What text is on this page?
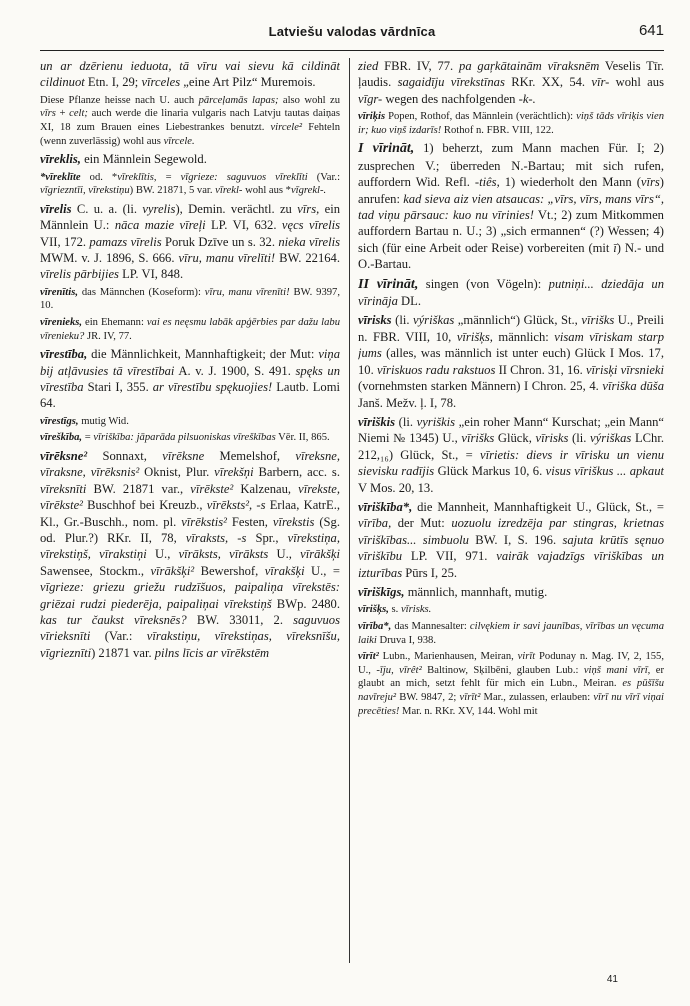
Latviešu valodas vārdnīca	641

un ar dzērienu ieduota, tā vīru vai sievu kā cildināt cildinuot Etn. I, 29; vīrceles „eine Art Pilz“ Muremois.

Diese Pflanze heisse nach U. auch pārceļamās lapas; also wohl zu vīrs + celt; auch werde die linaria vulgaris nach Latvju tautas daiņas XI, 18 zum Brauen eines Liebestrankes benutzt. vircele² Fehteln (wenn zuverlässig) wohl aus vīrcele.

vīreklis, ein Männlein Segewold.

*vīreklīte od. *vīreklītis, = vīgrieze: saguvuos vīreklīti (Var.: vīgriezntīi, vīrekstiņu) BW. 21871, 5 var. vīrekl- wohl aus *vīgrekl-.

vīrelis C. u. a. (li. vyrelis), Demin. verächtl. zu vīrs, ein Männlein U.: nāca mazie vīreļi LP. VI, 632. vęcs vīrelis VII, 172. pamazs vīrelis Poruk Dzīve un s. 32. nieka vīrelis MWM. v. J. 1896, S. 666. vīru, manu vīrelīti! BW. 22164. vīrelis pārbijies LP. VI, 848.

vīrenītis, das Männchen (Koseform): vīru, manu vīrenīti! BW. 9397, 10.

vīrenieks, ein Ehemann: vai es neęsmu labāk apģērbies par dažu labu vīrenieku? JR. IV, 77.

vīrestība, die Männlichkeit, Mannhaftigkeit; der Mut: viņa bij atļāvusies tā vīrestībai A. v. J. 1900, S. 491. spęks un vīrestība Stari I, 355. ar vīrestību spękuojies! Lautb. Lomi 64.

vīrestīgs, mutig Wid.

vīreškība, = vīriškība: jāparāda pilsuoniskas vīreškības Vēr. II, 865.

vīrēksne² Sonnaxt, vīrēksne Memelshof, vīreksne, vīraksne, vīrēksnis² Oknist, Plur. vīrekšņi Barbern, acc. s. vīreksnīti BW. 21871 var., vīrēkste² Kalzenau, vīrekste, vīrēkste² Buschhof bei Kreuzb., vīrēksts², -s Erlaa, KatrE., Kl., Gr.-Buschh., nom. pl. vīrēkstis² Festen, vīrekstis (Sg. od. Plur.?) RKr. II, 78, vīraksts, -s Spr., vīrekstiņa, vīrekstiņš, vīrakstiņi U., vīrāksts, vīrāksts U., vīrākšķi Sawensee, Stockm., vīrākšķi² Bewershof, vīrakšķi U., = vīgrieze: griezu griežu rudzīšuos, paipaliņa vīrekstēs: griēzai rudzi piederēja, paipaliņai vīrekstiņš BWp. 2480. kas tur čaukst vīreksnēs? BW. 33011, 2. saguvuos vīrieksnīti (Var.: vīrakstiņu, vīrekstiņas, vīreksnīšu, vīgrieznīti) 21871 var. pilns līcis ar vīrēkstēm

zied FBR. IV, 77. pa gaŗkātainām vīraksnēm Veselis Tīr. ļaudis. sagaidīju vīrekstīnas RKr. XX, 54. vīr- wohl aus vīgr- wegen des nachfolgenden -k-.

vīriķis Popen, Rothof, das Männlein (verächtlich): viņš tāds vīriķis vien ir; kuo viņš izdarīs! Rothof n. FBR. VIII, 122.

I vīrināt, 1) beherzt, zum Mann machen Für. I; 2) zusprechen V.; überreden N.-Bartau; mit sich rufen, auffordern Wid. Refl. -tiês, 1) wiederholt den Mann (vīrs) anrufen: kad sieva aiz vien atsaucas: „vīrs, vīrs, mans vīrs“, tad viņu pārsauc: kuo nu vīrinies! Vt.; 2) zum Mitkommen auffordern Bartau n. U.; 3) „sich ermannen“ (?) Wessen; 4) sich (für eine Arbeit oder Reise) vorbereiten (mit ī) N.- und O.-Bartau.

II vīrināt, singen (von Vögeln): putniņi... dziedāja un vīrināja DL.

vīrisks (li. výriškas „männlich“) Glück, St., vīrišks U., Preili n. FBR. VIII, 10, vīrišķs, männlich: visam vīriskam starp jums (alles, was männlich ist unter euch) Glück I Mos. 17, 10. vīriskuos radu rakstuos II Chron. 31, 16. vīrisķi vīrsnieki (vornehmsten starken Männern) I Chron. 25, 4. vīriška dūša Janš. Mežv. ļ. I, 78.

vīriškis (li. vyriškis „ein roher Mann“ Kurschat; „ein Mann“ Niemi № 1345) U., vīrišks Glück, vīrisks (li. výriškas LChr. 212,₁₆) Glück, St., = vīrietis: dievs ir vīrisku un vienu sievisku radījis Glück Markus 10, 6. visus vīriškus ... apkaut V Mos. 20, 13.

vīriškība*, die Mannheit, Mannhaftigkeit U., Glück, St., = vīrība, der Mut: uozuolu izredzēja par stingras, krietnas vīriškības... simbuolu BW. I, S. 196. sajuta krūtīs sęnuo vīriškību LP. VII, 971. vairāk vajadzīgs vīriškības un izturības Pūrs I, 25.

vīriškīgs, männlich, mannhaft, mutig.

vīrišķs, s. vīrisks.

vīrība*, das Mannesalter: cilvękiem ir savi jaunības, vīrības un vęcuma laiki Druva I, 938.

vīrīt² Lubn., Marienhausen, Meiran, virīt Podunay n. Mag. IV, 2, 155, U., -īju, vīrêt² Baltinow, Sķilbēni, glauben Lub.: viņš mani vīrī, er glaubt an mich, setzt fehlt für mich ein Lubn., Meiran. es pūšīšu navīreju² BW. 9847, 2; vīrīt² Mar., zulassen, erlauben: vīrī nu vīrī viņai precēties! Mar. n. RKr. XV, 144. Wohl mit

41
